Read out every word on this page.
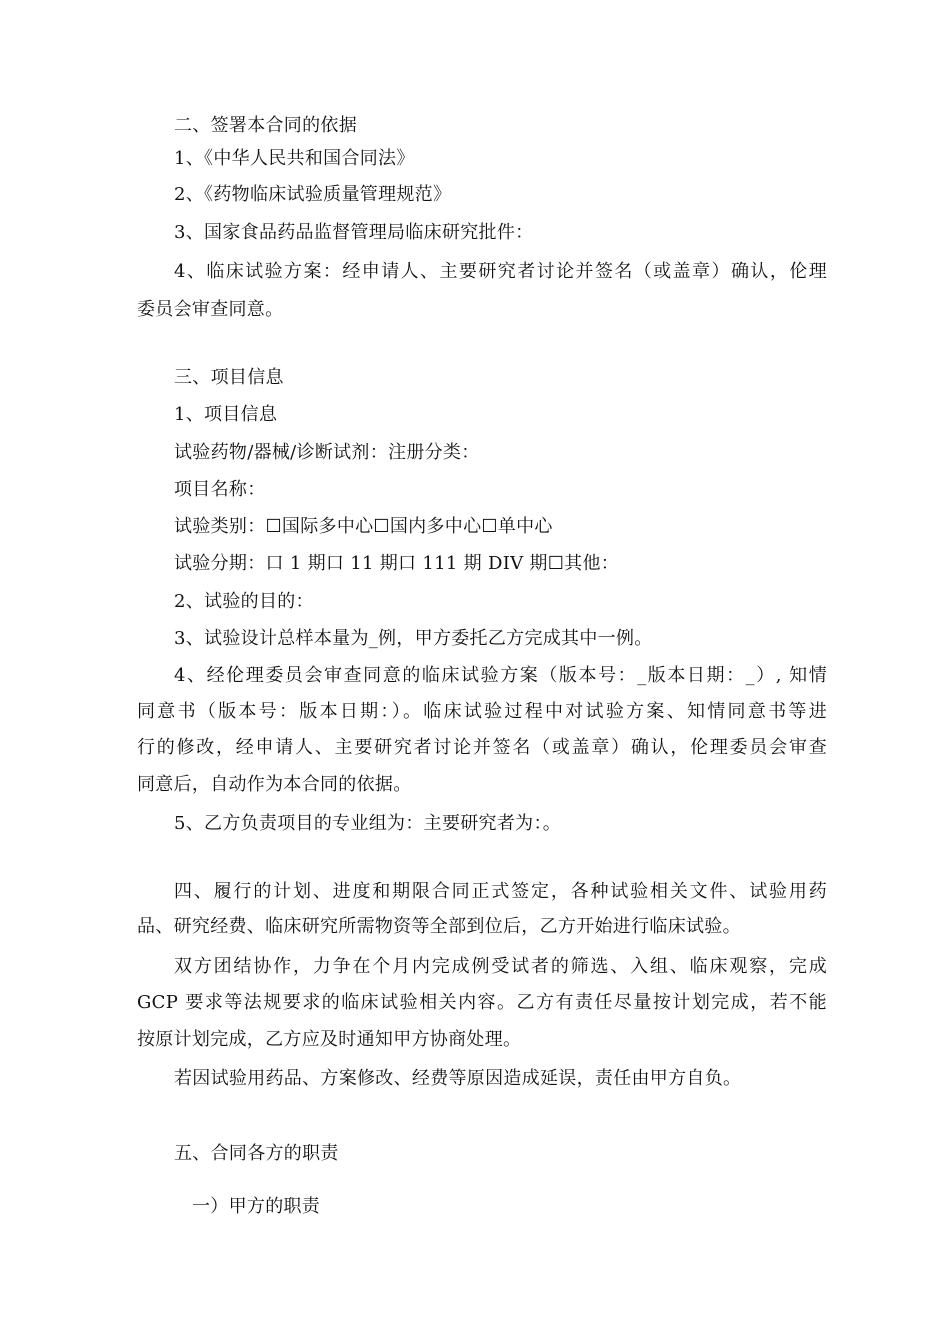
二、签署本合同的依据
1、《中华人民共和国合同法》
2、《药物临床试验质量管理规范》
3、国家食品药品监督管理局临床研究批件：
4、临床试验方案：经申请人、主要研究者讨论并签名（或盖章）确认，伦理
委员会审查同意。
三、项目信息
1、项目信息
试验药物/器械/诊断试剂：注册分类：
项目名称：
试验类别：☐国际多中心☐国内多中心☐单中心
试验分期：口 1 期口 11 期口 111 期 DIV 期☐其他：
2、试验的目的：
3、试验设计总样本量为_例，甲方委托乙方完成其中一例。
4、经伦理委员会审查同意的临床试验方案（版本号：_版本日期：_）, 知情
同意书（版本号：版本日期：）。临床试验过程中对试验方案、知情同意书等进
行的修改，经申请人、主要研究者讨论并签名（或盖章）确认，伦理委员会审查
同意后，自动作为本合同的依据。
5、乙方负责项目的专业组为：主要研究者为：。
四、履行的计划、进度和期限合同正式签定，各种试验相关文件、试验用药
品、研究经费、临床研究所需物资等全部到位后，乙方开始进行临床试验。
双方团结协作，力争在个月内完成例受试者的筛选、入组、临床观察，完成
GCP 要求等法规要求的临床试验相关内容。乙方有责任尽量按计划完成，若不能
按原计划完成，乙方应及时通知甲方协商处理。
若因试验用药品、方案修改、经费等原因造成延误，责任由甲方自负。
五、合同各方的职责
一）甲方的职责
